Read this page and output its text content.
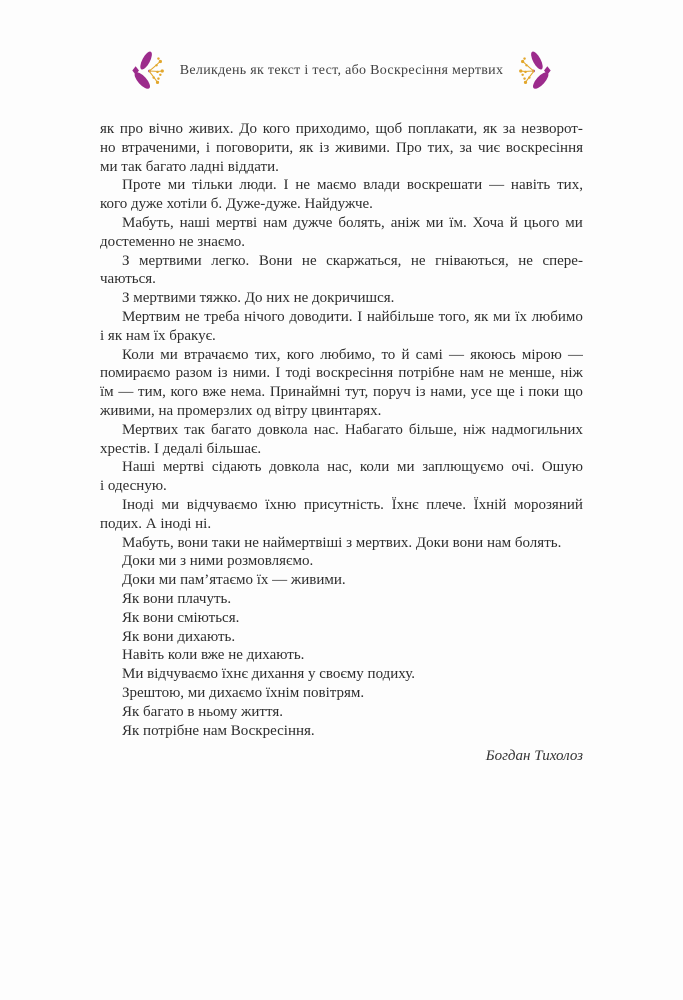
Великдень як текст і тест, або Воскресіння мертвих

як про вічно живих. До кого приходимо, щоб поплакати, як за незворот-
но втраченими, і поговорити, як із живими. Про тих, за чиє воскресіння
ми так багато ладні віддати.

Проте ми тільки люди. І не маємо влади воскрешати — навіть тих,
кого дуже хотіли б. Дуже-дуже. Найдужче.

Мабуть, наші мертві нам дужче болять, аніж ми їм. Хоча й цього ми
достеменно не знаємо.

З мертвими легко. Вони не скаржаться, не гніваються, не спере-
чаються.

З мертвими тяжко. До них не докричишся.

Мертвим не треба нічого доводити. І найбільше того, як ми їх любимо
і як нам їх бракує.

Коли ми втрачаємо тих, кого любимо, то й самі — якоюсь мірою —
помираємо разом із ними. І тоді воскресіння потрібне нам не менше, ніж
їм — тим, кого вже нема. Принаймні тут, поруч із нами, усе ще і поки що
живими, на промерзлих од вітру цвинтарях.

Мертвих так багато довкола нас. Набагато більше, ніж надмогильних
хрестів. І дедалі більшає.

Наші мертві сідають довкола нас, коли ми заплющуємо очі. Ошую
і одесную.

Іноді ми відчуваємо їхню присутність. Їхнє плече. Їхній морозяний
подих. А іноді ні.

Мабуть, вони таки не наймертвіші з мертвих. Доки вони нам болять.

Доки ми з ними розмовляємо.

Доки ми пам’ятаємо їх — живими.

Як вони плачуть.

Як вони сміються.

Як вони дихають.

Навіть коли вже не дихають.

Ми відчуваємо їхнє дихання у своєму подиху.

Зрештою, ми дихаємо їхнім повітрям.

Як багато в ньому життя.

Як потрібне нам Воскресіння.

Богдан Тихолоз
